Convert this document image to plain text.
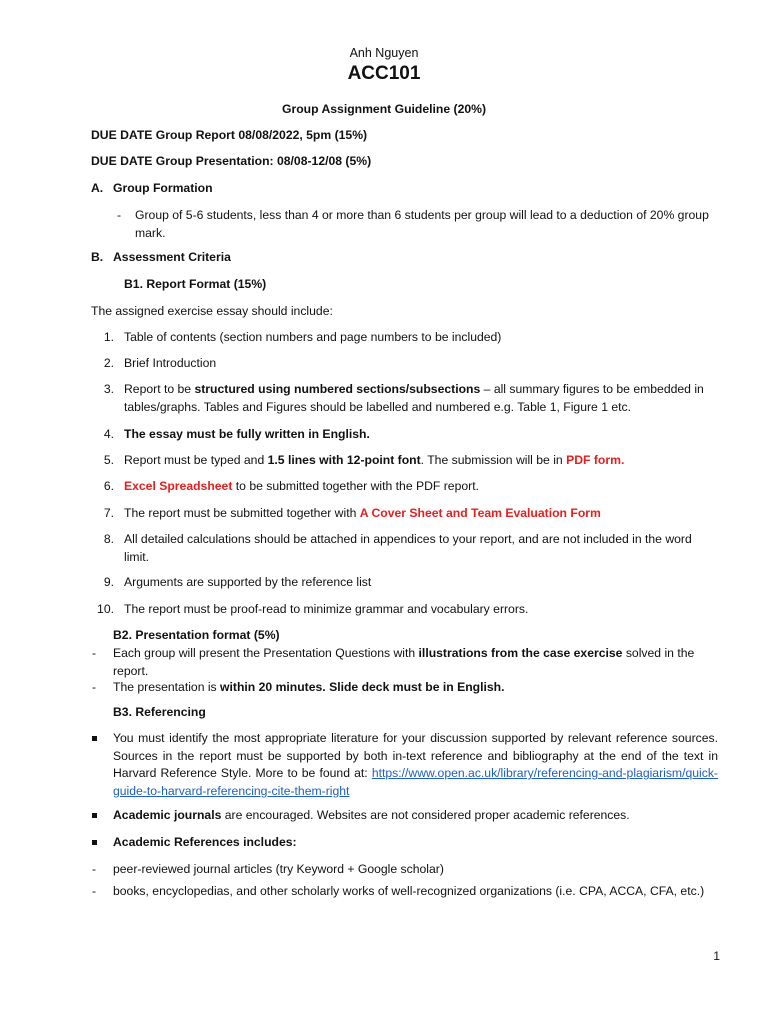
Anh Nguyen
ACC101
Group Assignment Guideline (20%)
DUE DATE Group Report 08/08/2022, 5pm (15%)
DUE DATE Group Presentation: 08/08-12/08 (5%)
A. Group Formation
- Group of 5-6 students, less than 4 or more than 6 students per group will lead to a deduction of 20% group mark.
B. Assessment Criteria
B1. Report Format (15%)
The assigned exercise essay should include:
1. Table of contents (section numbers and page numbers to be included)
2. Brief Introduction
3. Report to be structured using numbered sections/subsections – all summary figures to be embedded in tables/graphs. Tables and Figures should be labelled and numbered e.g. Table 1, Figure 1 etc.
4. The essay must be fully written in English.
5. Report must be typed and 1.5 lines with 12-point font. The submission will be in PDF form.
6. Excel Spreadsheet to be submitted together with the PDF report.
7. The report must be submitted together with A Cover Sheet and Team Evaluation Form
8. All detailed calculations should be attached in appendices to your report, and are not included in the word limit.
9. Arguments are supported by the reference list
10. The report must be proof-read to minimize grammar and vocabulary errors.
B2. Presentation format (5%)
- Each group will present the Presentation Questions with illustrations from the case exercise solved in the report.
- The presentation is within 20 minutes. Slide deck must be in English.
B3. Referencing
You must identify the most appropriate literature for your discussion supported by relevant reference sources. Sources in the report must be supported by both in-text reference and bibliography at the end of the text in Harvard Reference Style. More to be found at: https://www.open.ac.uk/library/referencing-and-plagiarism/quick-guide-to-harvard-referencing-cite-them-right
Academic journals are encouraged. Websites are not considered proper academic references.
Academic References includes:
- peer-reviewed journal articles (try Keyword + Google scholar)
- books, encyclopedias, and other scholarly works of well-recognized organizations (i.e. CPA, ACCA, CFA, etc.)
1
